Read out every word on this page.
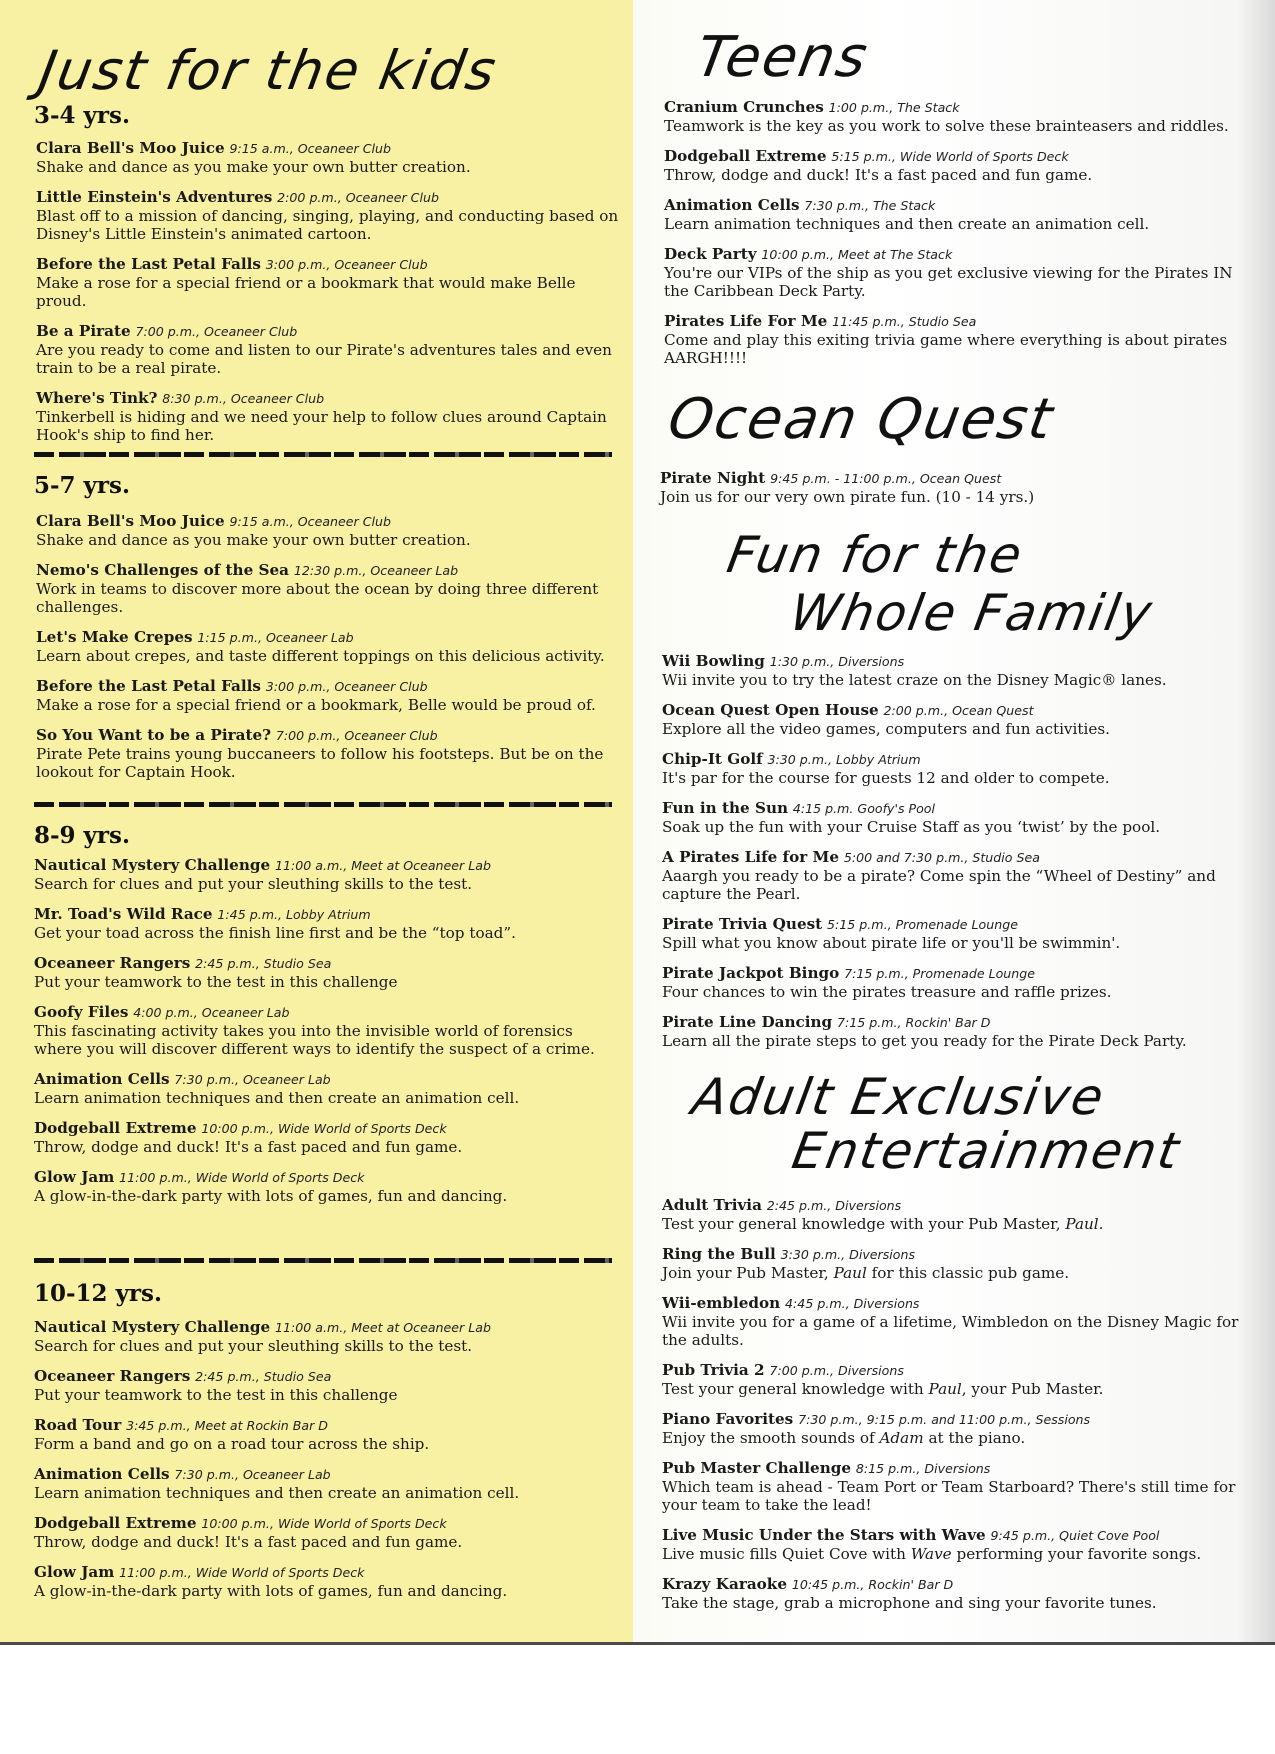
Just for the kids
3-4 yrs.
Clara Bell's Moo Juice 9:15 a.m., Oceaneer Club
Shake and dance as you make your own butter creation.
Little Einstein's Adventures 2:00 p.m., Oceaneer Club
Blast off to a mission of dancing, singing, playing, and conducting based on Disney's Little Einstein's animated cartoon.
Before the Last Petal Falls 3:00 p.m., Oceaneer Club
Make a rose for a special friend or a bookmark that would make Belle proud.
Be a Pirate 7:00 p.m., Oceaneer Club
Are you ready to come and listen to our Pirate's adventures tales and even train to be a real pirate.
Where's Tink? 8:30 p.m., Oceaneer Club
Tinkerbell is hiding and we need your help to follow clues around Captain Hook's ship to find her.
5-7 yrs.
Clara Bell's Moo Juice 9:15 a.m., Oceaneer Club
Shake and dance as you make your own butter creation.
Nemo's Challenges of the Sea 12:30 p.m., Oceaneer Lab
Work in teams to discover more about the ocean by doing three different challenges.
Let's Make Crepes 1:15 p.m., Oceaneer Lab
Learn about crepes, and taste different toppings on this delicious activity.
Before the Last Petal Falls 3:00 p.m., Oceaneer Club
Make a rose for a special friend or a bookmark, Belle would be proud of.
So You Want to be a Pirate? 7:00 p.m., Oceaneer Club
Pirate Pete trains young buccaneers to follow his footsteps. But be on the lookout for Captain Hook.
8-9 yrs.
Nautical Mystery Challenge 11:00 a.m., Meet at Oceaneer Lab
Search for clues and put your sleuthing skills to the test.
Mr. Toad's Wild Race 1:45 p.m., Lobby Atrium
Get your toad across the finish line first and be the “top toad”.
Oceaneer Rangers 2:45 p.m., Studio Sea
Put your teamwork to the test in this challenge
Goofy Files 4:00 p.m., Oceaneer Lab
This fascinating activity takes you into the invisible world of forensics where you will discover different ways to identify the suspect of a crime.
Animation Cells 7:30 p.m., Oceaneer Lab
Learn animation techniques and then create an animation cell.
Dodgeball Extreme 10:00 p.m., Wide World of Sports Deck
Throw, dodge and duck! It's a fast paced and fun game.
Glow Jam 11:00 p.m., Wide World of Sports Deck
A glow-in-the-dark party with lots of games, fun and dancing.
10-12 yrs.
Nautical Mystery Challenge 11:00 a.m., Meet at Oceaneer Lab
Search for clues and put your sleuthing skills to the test.
Oceaneer Rangers 2:45 p.m., Studio Sea
Put your teamwork to the test in this challenge
Road Tour 3:45 p.m., Meet at Rockin Bar D
Form a band and go on a road tour across the ship.
Animation Cells 7:30 p.m., Oceaneer Lab
Learn animation techniques and then create an animation cell.
Dodgeball Extreme 10:00 p.m., Wide World of Sports Deck
Throw, dodge and duck! It's a fast paced and fun game.
Glow Jam 11:00 p.m., Wide World of Sports Deck
A glow-in-the-dark party with lots of games, fun and dancing.
Teens
Cranium Crunches 1:00 p.m., The Stack
Teamwork is the key as you work to solve these brainteasers and riddles.
Dodgeball Extreme 5:15 p.m., Wide World of Sports Deck
Throw, dodge and duck! It's a fast paced and fun game.
Animation Cells 7:30 p.m., The Stack
Learn animation techniques and then create an animation cell.
Deck Party 10:00 p.m., Meet at The Stack
You're our VIPs of the ship as you get exclusive viewing for the Pirates IN the Caribbean Deck Party.
Pirates Life For Me 11:45 p.m., Studio Sea
Come and play this exiting trivia game where everything is about pirates AARGH!!!!
Ocean Quest
Pirate Night 9:45 p.m. - 11:00 p.m., Ocean Quest
Join us for our very own pirate fun. (10 - 14 yrs.)
Fun for the
Whole Family
Wii Bowling 1:30 p.m., Diversions
Wii invite you to try the latest craze on the Disney Magic® lanes.
Ocean Quest Open House 2:00 p.m., Ocean Quest
Explore all the video games, computers and fun activities.
Chip-It Golf 3:30 p.m., Lobby Atrium
It's par for the course for guests 12 and older to compete.
Fun in the Sun 4:15 p.m. Goofy's Pool
Soak up the fun with your Cruise Staff as you ‘twist’ by the pool.
A Pirates Life for Me 5:00 and 7:30 p.m., Studio Sea
Aaargh you ready to be a pirate? Come spin the “Wheel of Destiny” and capture the Pearl.
Pirate Trivia Quest 5:15 p.m., Promenade Lounge
Spill what you know about pirate life or you'll be swimmin'.
Pirate Jackpot Bingo 7:15 p.m., Promenade Lounge
Four chances to win the pirates treasure and raffle prizes.
Pirate Line Dancing 7:15 p.m., Rockin' Bar D
Learn all the pirate steps to get you ready for the Pirate Deck Party.
Adult Exclusive
Entertainment
Adult Trivia 2:45 p.m., Diversions
Test your general knowledge with your Pub Master, Paul.
Ring the Bull 3:30 p.m., Diversions
Join your Pub Master, Paul for this classic pub game.
Wii-embledon 4:45 p.m., Diversions
Wii invite you for a game of a lifetime, Wimbledon on the Disney Magic for the adults.
Pub Trivia 2 7:00 p.m., Diversions
Test your general knowledge with Paul, your Pub Master.
Piano Favorites 7:30 p.m., 9:15 p.m. and 11:00 p.m., Sessions
Enjoy the smooth sounds of Adam at the piano.
Pub Master Challenge 8:15 p.m., Diversions
Which team is ahead - Team Port or Team Starboard? There's still time for your team to take the lead!
Live Music Under the Stars with Wave 9:45 p.m., Quiet Cove Pool
Live music fills Quiet Cove with Wave performing your favorite songs.
Krazy Karaoke 10:45 p.m., Rockin' Bar D
Take the stage, grab a microphone and sing your favorite tunes.
